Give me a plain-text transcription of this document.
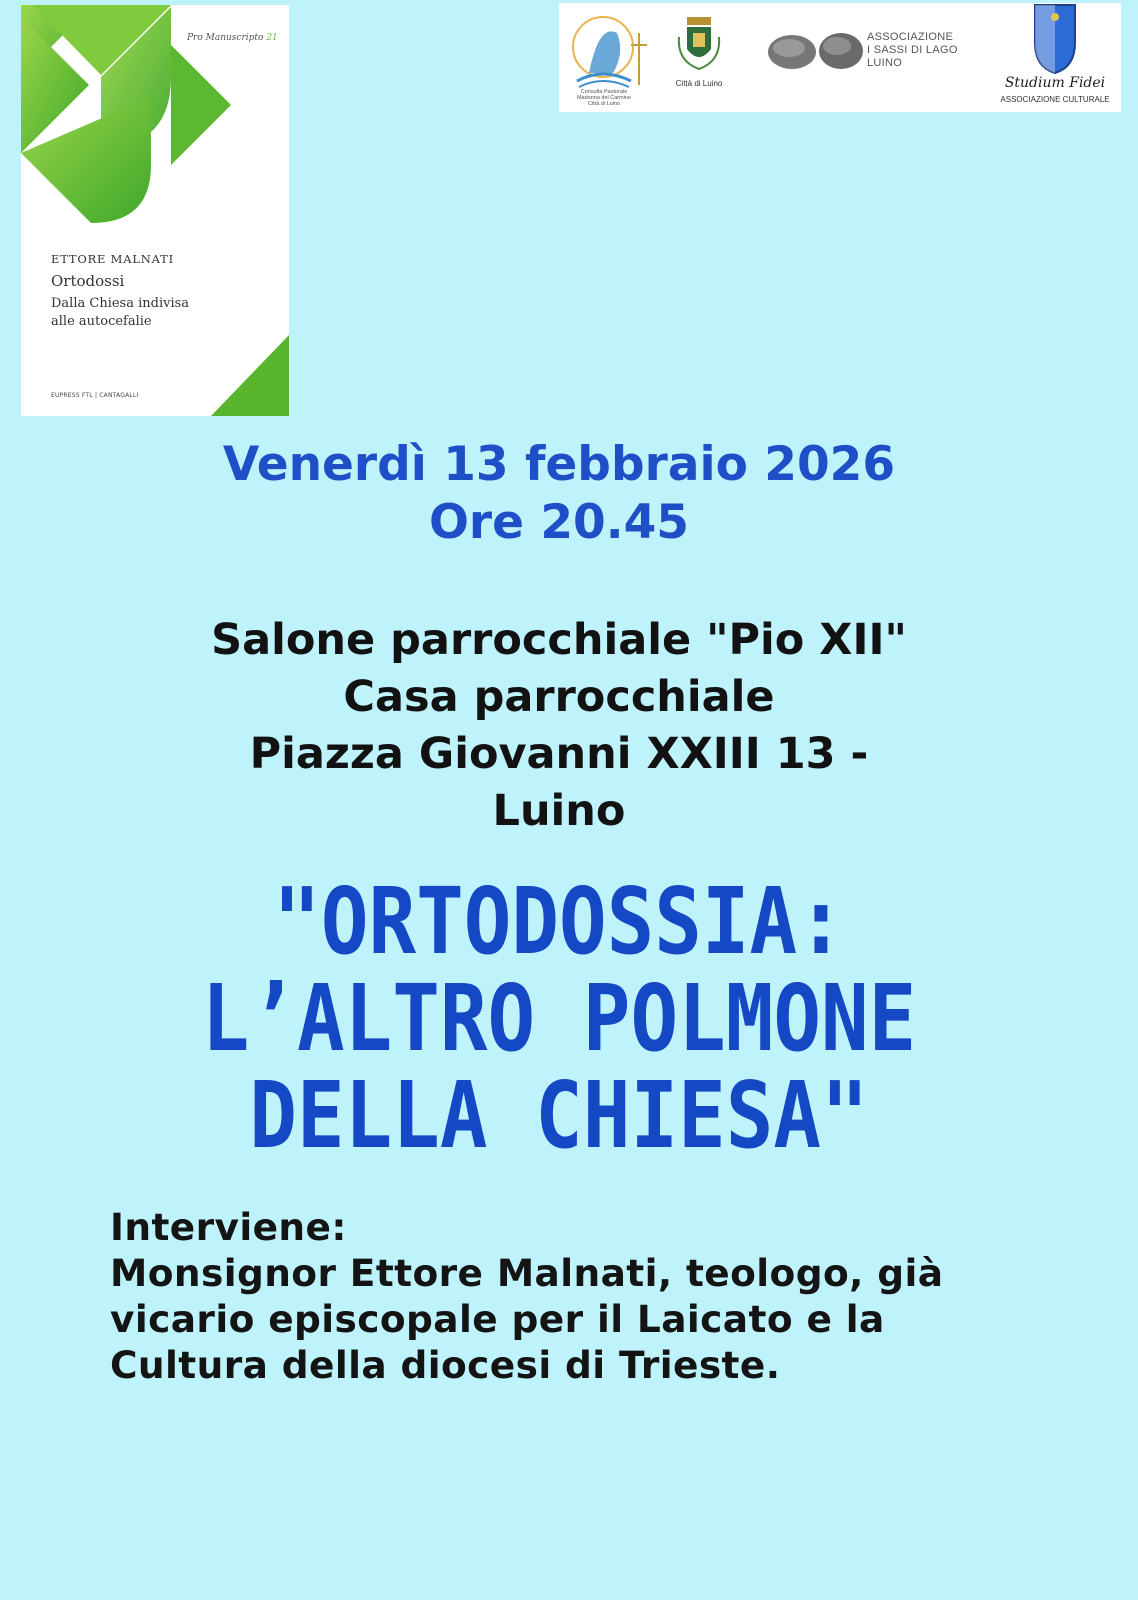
Pro Manuscripto 21
ETTORE MALNATI
Ortodossi
Dalla Chiesa indivisa
alle autocefalie
EUPRESS FTL | CANTAGALLI
Consulta Pastorale
Madonna del Carmine
Città di Luino
Città di Luino
ASSOCIAZIONE
I SASSI DI LAGO
LUINO
Studium Fidei
ASSOCIAZIONE CULTURALE
Venerdì 13 febbraio 2026
Ore 20.45
Salone parrocchiale "Pio XII"
Casa parrocchiale
Piazza Giovanni XXIII 13 -
Luino
"ORTODOSSIA:
L’ALTRO POLMONE
DELLA CHIESA"
Interviene:
Monsignor Ettore Malnati, teologo, già
vicario episcopale per il Laicato e la
Cultura della diocesi di Trieste.
